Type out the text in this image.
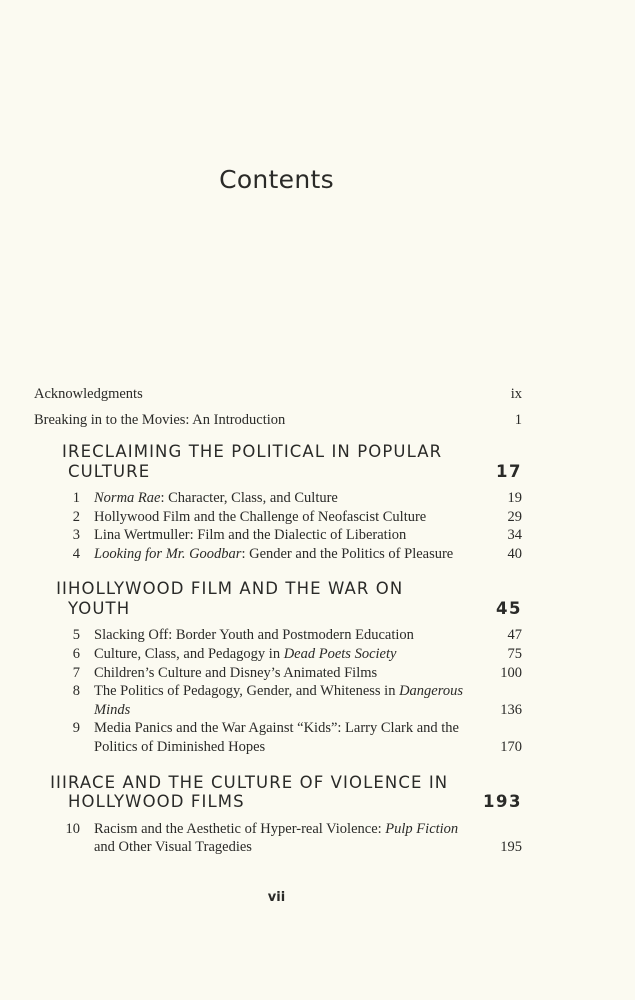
Contents
Acknowledgments	ix
Breaking in to the Movies: An Introduction	1
I RECLAIMING THE POLITICAL IN POPULAR CULTURE	17
1 Norma Rae: Character, Class, and Culture	19
2 Hollywood Film and the Challenge of Neofascist Culture	29
3 Lina Wertmuller: Film and the Dialectic of Liberation	34
4 Looking for Mr. Goodbar: Gender and the Politics of Pleasure	40
II HOLLYWOOD FILM AND THE WAR ON YOUTH	45
5 Slacking Off: Border Youth and Postmodern Education	47
6 Culture, Class, and Pedagogy in Dead Poets Society	75
7 Children’s Culture and Disney’s Animated Films	100
8 The Politics of Pedagogy, Gender, and Whiteness in Dangerous Minds	136
9 Media Panics and the War Against “Kids”: Larry Clark and the Politics of Diminished Hopes	170
III RACE AND THE CULTURE OF VIOLENCE IN HOLLYWOOD FILMS	193
10 Racism and the Aesthetic of Hyper-real Violence: Pulp Fiction and Other Visual Tragedies	195
vii
